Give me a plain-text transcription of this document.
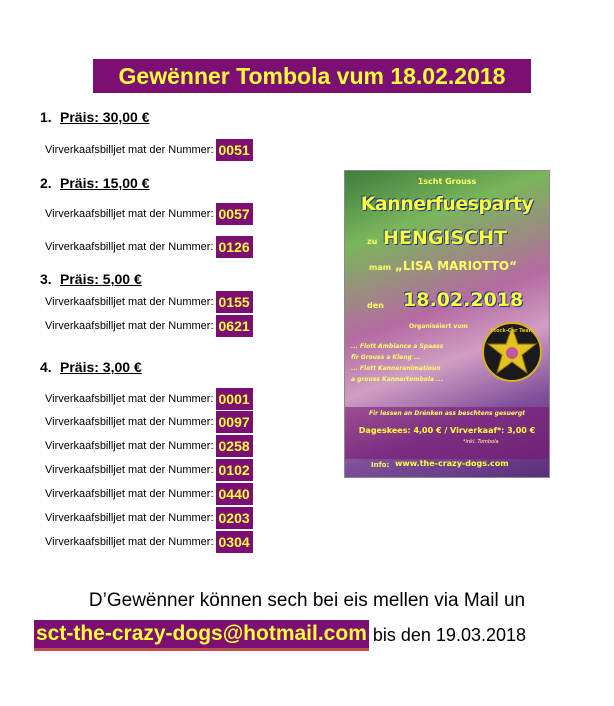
Gewënner Tombola vum 18.02.2018
1. Präis: 30,00 €
Virverkaafsbilljet mat der Nummer: 0051
2. Präis: 15,00 €
Virverkaafsbilljet mat der Nummer: 0057
Virverkaafsbilljet mat der Nummer: 0126
3. Präis: 5,00 €
Virverkaafsbilljet mat der Nummer: 0155
Virverkaafsbilljet mat der Nummer: 0621
4. Präis: 3,00 €
Virverkaafsbilljet mat der Nummer: 0001
Virverkaafsbilljet mat der Nummer: 0097
Virverkaafsbilljet mat der Nummer: 0258
Virverkaafsbilljet mat der Nummer: 0102
Virverkaafsbilljet mat der Nummer: 0440
Virverkaafsbilljet mat der Nummer: 0203
Virverkaafsbilljet mat der Nummer: 0304
1scht Grouss
Kannerfuesparty
zu HENGISCHT
mam „LISA MARIOTTO“
den 18.02.2018
Organiséiert vum
... Flott Ambiance a Spaass
fir Grouss a Kleng ...
... Flott Kanneranimatioun
a grouss Kannertombola ...
Stock-Car Team
Fir lessen an Drénken ass beschtens gesuergt
Dageskees: 4,00 € / Virverkaaf*: 3,00 €
*inkl. Tombola
Info: www.the-crazy-dogs.com
D’Gewënner können sech bei eis mellen via Mail un
sct-the-crazy-dogs@hotmail.com bis den 19.03.2018
